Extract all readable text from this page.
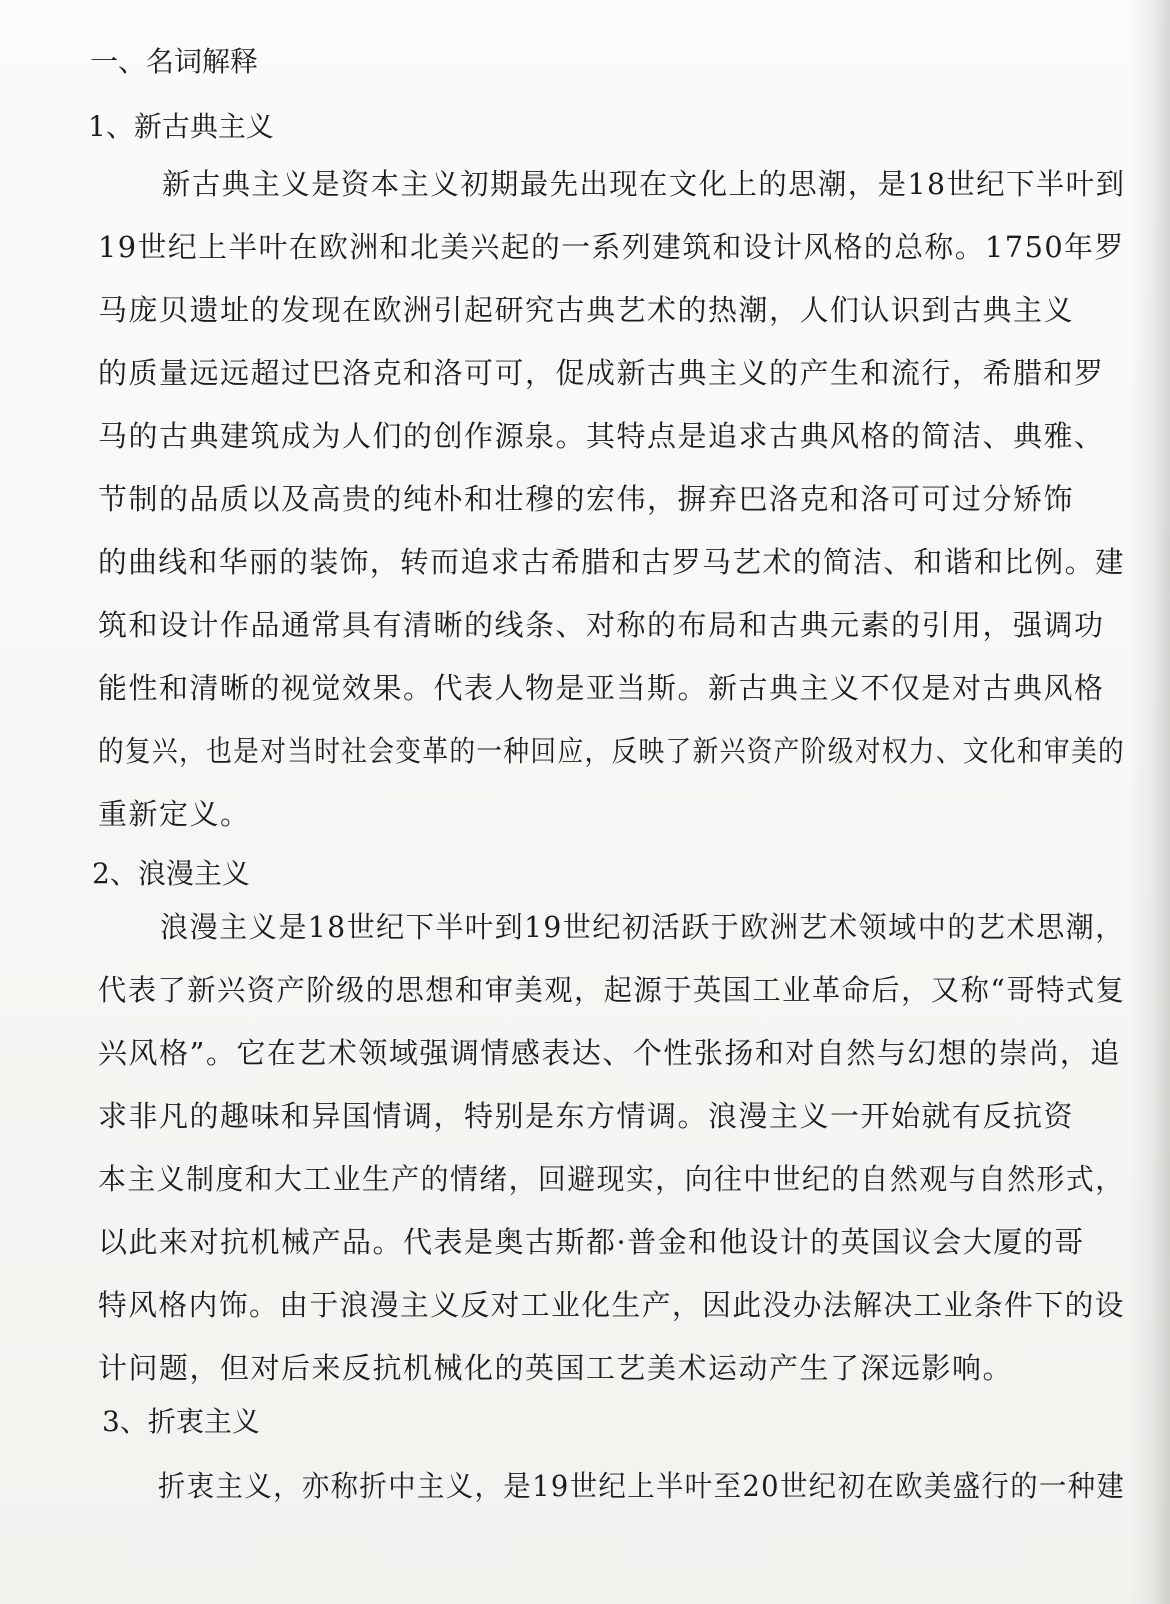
一、名词解释
1、新古典主义
新古典主义是资本主义初期最先出现在文化上的思潮，是18世纪下半叶到
19世纪上半叶在欧洲和北美兴起的一系列建筑和设计风格的总称。1750年罗
马庞贝遗址的发现在欧洲引起研究古典艺术的热潮，人们认识到古典主义
的质量远远超过巴洛克和洛可可，促成新古典主义的产生和流行，希腊和罗
马的古典建筑成为人们的创作源泉。其特点是追求古典风格的简洁、典雅、
节制的品质以及高贵的纯朴和壮穆的宏伟，摒弃巴洛克和洛可可过分矫饰
的曲线和华丽的装饰，转而追求古希腊和古罗马艺术的简洁、和谐和比例。建
筑和设计作品通常具有清晰的线条、对称的布局和古典元素的引用，强调功
能性和清晰的视觉效果。代表人物是亚当斯。新古典主义不仅是对古典风格
的复兴，也是对当时社会变革的一种回应，反映了新兴资产阶级对权力、文化和审美的
重新定义。
2、浪漫主义
浪漫主义是18世纪下半叶到19世纪初活跃于欧洲艺术领域中的艺术思潮，
代表了新兴资产阶级的思想和审美观，起源于英国工业革命后，又称“哥特式复
兴风格”。它在艺术领域强调情感表达、个性张扬和对自然与幻想的崇尚，追
求非凡的趣味和异国情调，特别是东方情调。浪漫主义一开始就有反抗资
本主义制度和大工业生产的情绪，回避现实，向往中世纪的自然观与自然形式，
以此来对抗机械产品。代表是奥古斯都·普金和他设计的英国议会大厦的哥
特风格内饰。由于浪漫主义反对工业化生产，因此没办法解决工业条件下的设
计问题，但对后来反抗机械化的英国工艺美术运动产生了深远影响。
3、折衷主义
折衷主义，亦称折中主义，是19世纪上半叶至20世纪初在欧美盛行的一种建
